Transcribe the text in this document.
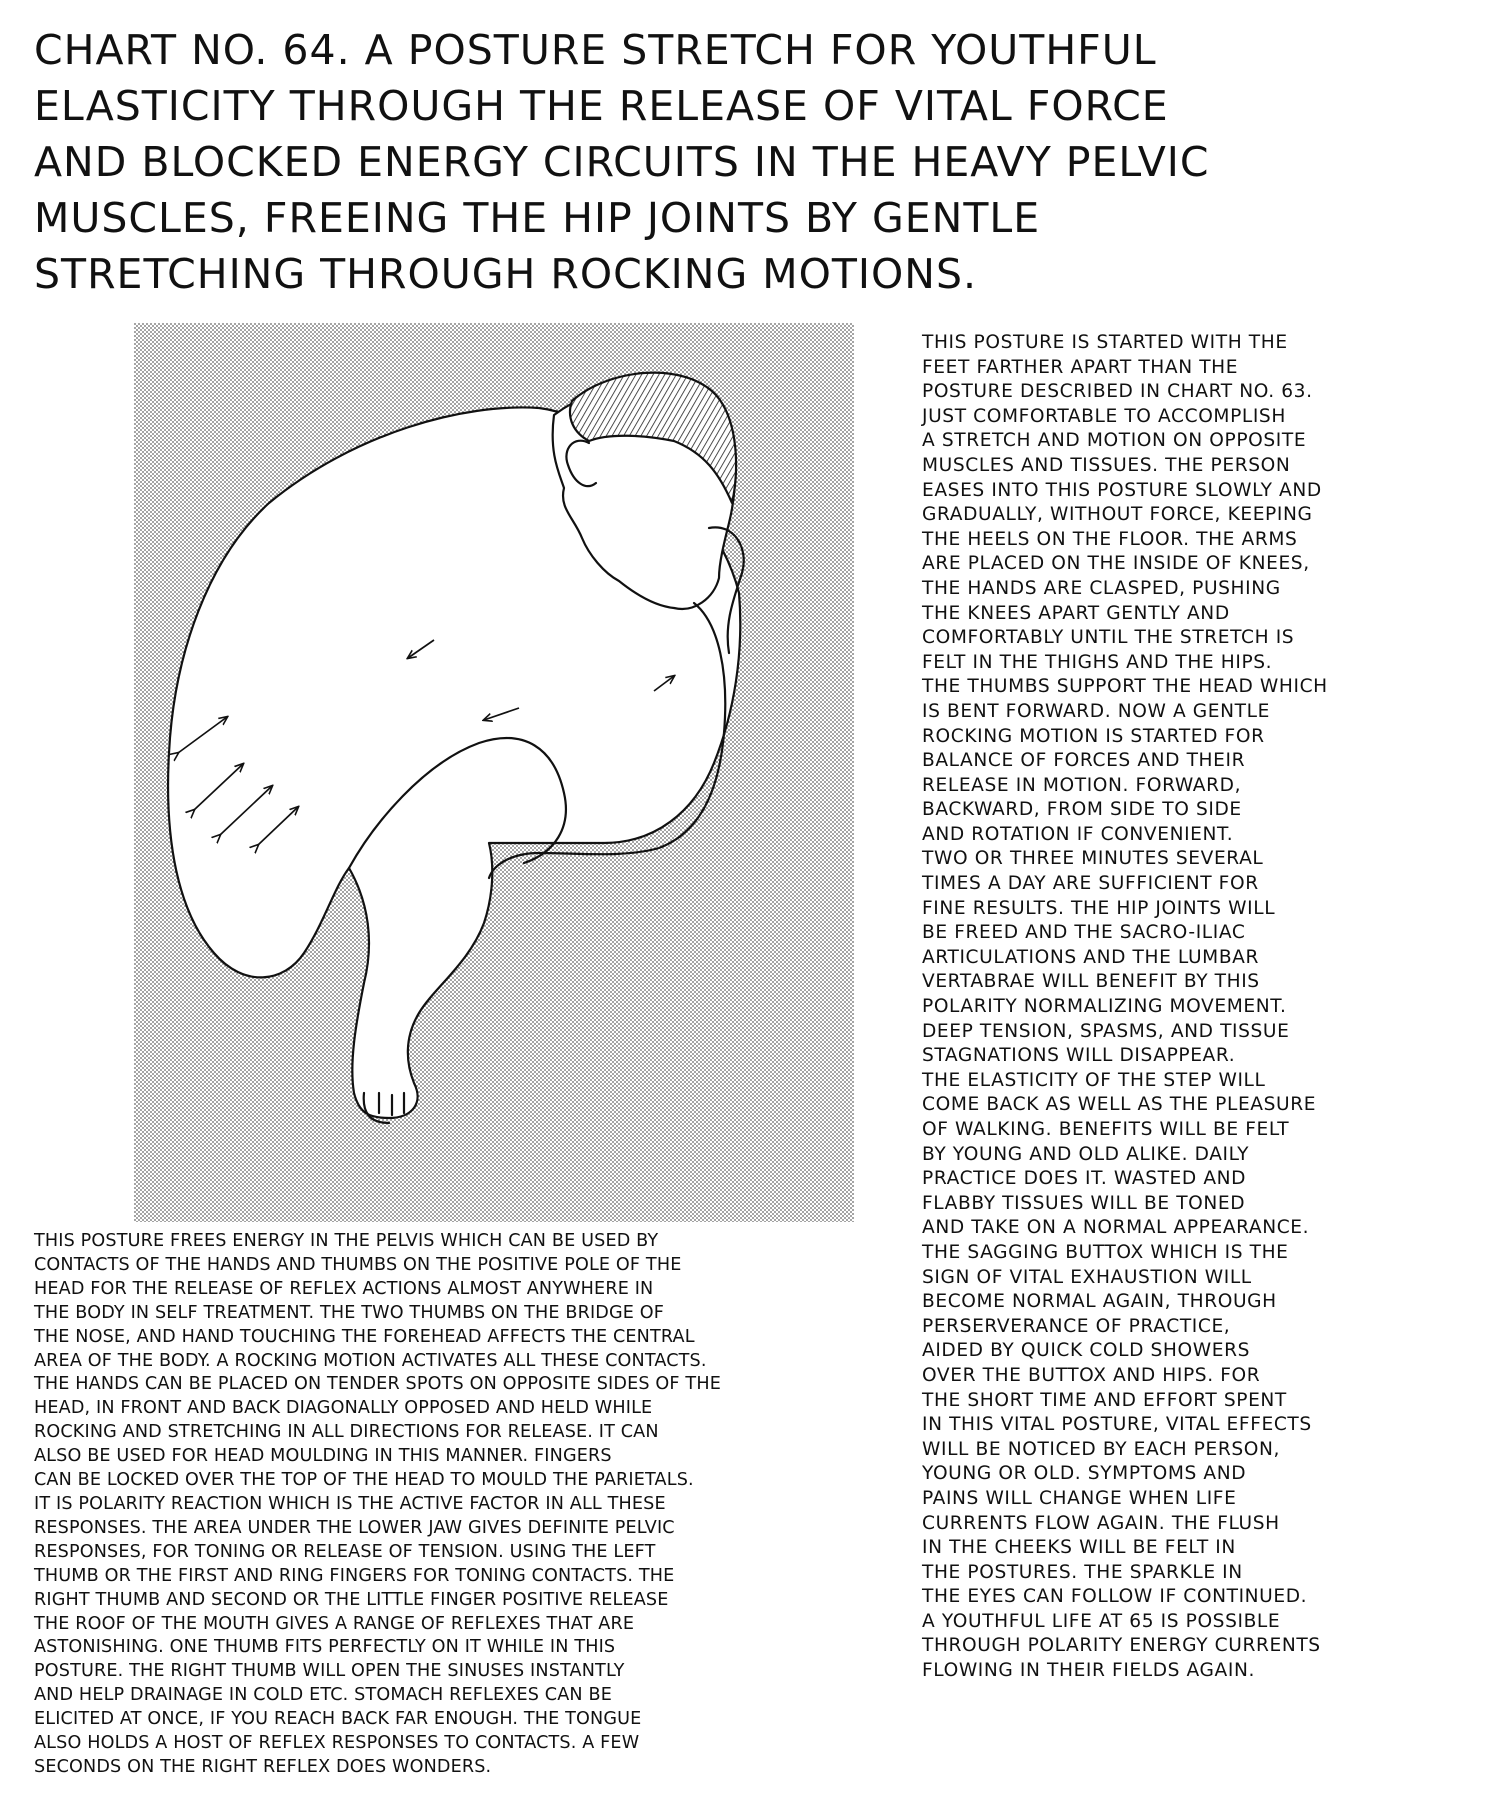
CHART NO. 64. A POSTURE STRETCH FOR YOUTHFUL
ELASTICITY THROUGH THE RELEASE OF VITAL FORCE
AND BLOCKED ENERGY CIRCUITS IN THE HEAVY PELVIC
MUSCLES, FREEING THE HIP JOINTS BY GENTLE
STRETCHING THROUGH ROCKING MOTIONS.

THIS POSTURE IS STARTED WITH THE
FEET FARTHER APART THAN THE
POSTURE DESCRIBED IN CHART NO. 63.
JUST COMFORTABLE TO ACCOMPLISH
A STRETCH AND MOTION ON OPPOSITE
MUSCLES AND TISSUES. THE PERSON
EASES INTO THIS POSTURE SLOWLY AND
GRADUALLY, WITHOUT FORCE, KEEPING
THE HEELS ON THE FLOOR. THE ARMS
ARE PLACED ON THE INSIDE OF KNEES,
THE HANDS ARE CLASPED, PUSHING
THE KNEES APART GENTLY AND
COMFORTABLY UNTIL THE STRETCH IS
FELT IN THE THIGHS AND THE HIPS.
THE THUMBS SUPPORT THE HEAD WHICH
IS BENT FORWARD. NOW A GENTLE
ROCKING MOTION IS STARTED FOR
BALANCE OF FORCES AND THEIR
RELEASE IN MOTION. FORWARD,
BACKWARD, FROM SIDE TO SIDE
AND ROTATION IF CONVENIENT.
TWO OR THREE MINUTES SEVERAL
TIMES A DAY ARE SUFFICIENT FOR
FINE RESULTS. THE HIP JOINTS WILL
BE FREED AND THE SACRO-ILIAC
ARTICULATIONS AND THE LUMBAR
VERTABRAE WILL BENEFIT BY THIS
POLARITY NORMALIZING MOVEMENT.
DEEP TENSION, SPASMS, AND TISSUE
STAGNATIONS WILL DISAPPEAR.
THE ELASTICITY OF THE STEP WILL
COME BACK AS WELL AS THE PLEASURE
OF WALKING. BENEFITS WILL BE FELT
BY YOUNG AND OLD ALIKE. DAILY
PRACTICE DOES IT. WASTED AND
FLABBY TISSUES WILL BE TONED
AND TAKE ON A NORMAL APPEARANCE.
THE SAGGING BUTTOX WHICH IS THE
SIGN OF VITAL EXHAUSTION WILL
BECOME NORMAL AGAIN, THROUGH
PERSERVERANCE OF PRACTICE,
AIDED BY QUICK COLD SHOWERS
OVER THE BUTTOX AND HIPS. FOR
THE SHORT TIME AND EFFORT SPENT
IN THIS VITAL POSTURE, VITAL EFFECTS
WILL BE NOTICED BY EACH PERSON,
YOUNG OR OLD. SYMPTOMS AND
PAINS WILL CHANGE WHEN LIFE
CURRENTS FLOW AGAIN. THE FLUSH
IN THE CHEEKS WILL BE FELT IN
THE POSTURES. THE SPARKLE IN
THE EYES CAN FOLLOW IF CONTINUED.
A YOUTHFUL LIFE AT 65 IS POSSIBLE
THROUGH POLARITY ENERGY CURRENTS
FLOWING IN THEIR FIELDS AGAIN.

THIS POSTURE FREES ENERGY IN THE PELVIS WHICH CAN BE USED BY
CONTACTS OF THE HANDS AND THUMBS ON THE POSITIVE POLE OF THE
HEAD FOR THE RELEASE OF REFLEX ACTIONS ALMOST ANYWHERE IN
THE BODY IN SELF TREATMENT. THE TWO THUMBS ON THE BRIDGE OF
THE NOSE, AND HAND TOUCHING THE FOREHEAD AFFECTS THE CENTRAL
AREA OF THE BODY. A ROCKING MOTION ACTIVATES ALL THESE CONTACTS.
THE HANDS CAN BE PLACED ON TENDER SPOTS ON OPPOSITE SIDES OF THE
HEAD, IN FRONT AND BACK DIAGONALLY OPPOSED AND HELD WHILE
ROCKING AND STRETCHING IN ALL DIRECTIONS FOR RELEASE. IT CAN
ALSO BE USED FOR HEAD MOULDING IN THIS MANNER. FINGERS
CAN BE LOCKED OVER THE TOP OF THE HEAD TO MOULD THE PARIETALS.
IT IS POLARITY REACTION WHICH IS THE ACTIVE FACTOR IN ALL THESE
RESPONSES. THE AREA UNDER THE LOWER JAW GIVES DEFINITE PELVIC
RESPONSES, FOR TONING OR RELEASE OF TENSION. USING THE LEFT
THUMB OR THE FIRST AND RING FINGERS FOR TONING CONTACTS. THE
RIGHT THUMB AND SECOND OR THE LITTLE FINGER POSITIVE RELEASE
THE ROOF OF THE MOUTH GIVES A RANGE OF REFLEXES THAT ARE
ASTONISHING. ONE THUMB FITS PERFECTLY ON IT WHILE IN THIS
POSTURE. THE RIGHT THUMB WILL OPEN THE SINUSES INSTANTLY
AND HELP DRAINAGE IN COLD ETC. STOMACH REFLEXES CAN BE
ELICITED AT ONCE, IF YOU REACH BACK FAR ENOUGH. THE TONGUE
ALSO HOLDS A HOST OF REFLEX RESPONSES TO CONTACTS. A FEW
SECONDS ON THE RIGHT REFLEX DOES WONDERS.
